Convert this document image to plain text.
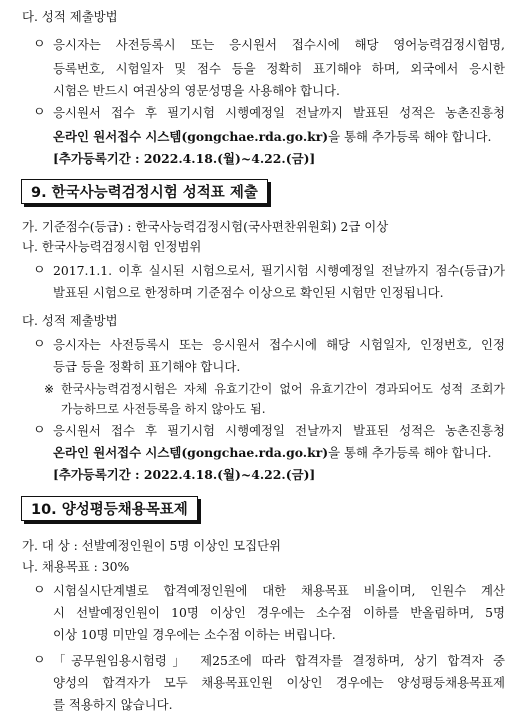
다. 성적 제출방법
ㅇ 응시자는 사전등록시 또는 응시원서 접수시에 해당 영어능력검정시험명,
등록번호, 시험일자 및 점수 등을 정확히 표기해야 하며, 외국에서 응시한
시험은 반드시 여권상의 영문성명을 사용해야 합니다.
ㅇ 응시원서 접수 후 필기시험 시행예정일 전날까지 발표된 성적은 농촌진흥청
온라인 원서접수 시스템(gongchae.rda.go.kr)을 통해 추가등록 해야 합니다.
[추가등록기간 : 2022.4.18.(월)~4.22.(금)]
9. 한국사능력검정시험 성적표 제출
가. 기준점수(등급) : 한국사능력검정시험(국사편찬위원회) 2급 이상
나. 한국사능력검정시험 인정범위
ㅇ 2017.1.1. 이후 실시된 시험으로서, 필기시험 시행예정일 전날까지 점수(등급)가
발표된 시험으로 한정하며 기준점수 이상으로 확인된 시험만 인정됩니다.
다. 성적 제출방법
ㅇ 응시자는 사전등록시 또는 응시원서 접수시에 해당 시험일자, 인정번호, 인정
등급 등을 정확히 표기해야 합니다.
※ 한국사능력검정시험은 자체 유효기간이 없어 유효기간이 경과되어도 성적 조회가
가능하므로 사전등록을 하지 않아도 됨.
ㅇ 응시원서 접수 후 필기시험 시행예정일 전날까지 발표된 성적은 농촌진흥청
온라인 원서접수 시스템(gongchae.rda.go.kr)을 통해 추가등록 해야 합니다.
[추가등록기간 : 2022.4.18.(월)~4.22.(금)]
10. 양성평등채용목표제
가. 대 상 : 선발예정인원이 5명 이상인 모집단위
나. 채용목표 : 30%
ㅇ 시험실시단계별로 합격예정인원에 대한 채용목표 비율이며, 인원수 계산
시 선발예정인원이 10명 이상인 경우에는 소수점 이하를 반올림하며, 5명
이상 10명 미만일 경우에는 소수점 이하는 버립니다.
ㅇ 「공무원임용시험령」 제25조에 따라 합격자를 결정하며, 상기 합격자 중
양성의 합격자가 모두 채용목표인원 이상인 경우에는 양성평등채용목표제
를 적용하지 않습니다.
